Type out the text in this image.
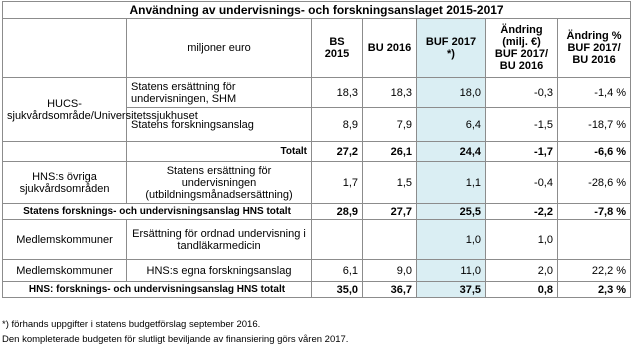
Användning av undervisnings- och forskningsanslaget 2015-2017						
	miljoner euro	BS 2015	BU 2016	BUF 2017 *)	Ändring (milj. €) BUF 2017/ BU 2016	Ändring % BUF 2017/ BU 2016
HUCS-sjukvårdsområde/Universitetssjukhuset	Statens ersättning för undervisningen, SHM	18,3	18,3	18,0	-0,3	-1,4 %
	Statens forskningsanslag	8,9	7,9	6,4	-1,5	-18,7 %
	Totalt	27,2	26,1	24,4	-1,7	-6,6 %
HNS:s övriga sjukvårdsområden	Statens ersättning för undervisningen (utbildningsmånadsersättning)	1,7	1,5	1,1	-0,4	-28,6 %
Statens forsknings- och undervisningsanslag HNS totalt		28,9	27,7	25,5	-2,2	-7,8 %
Medlemskommuner	Ersättning för ordnad undervisning i tandläkarmedicin			1,0	1,0	
Medlemskommuner	HNS:s egna forskningsanslag	6,1	9,0	11,0	2,0	22,2 %
HNS: forsknings- och undervisningsanslag HNS totalt		35,0	36,7	37,5	0,8	2,3 %
*) förhands uppgifter i statens budgetförslag september 2016.
Den kompleterade budgeten för slutligt beviljande av finansiering görs våren 2017.
